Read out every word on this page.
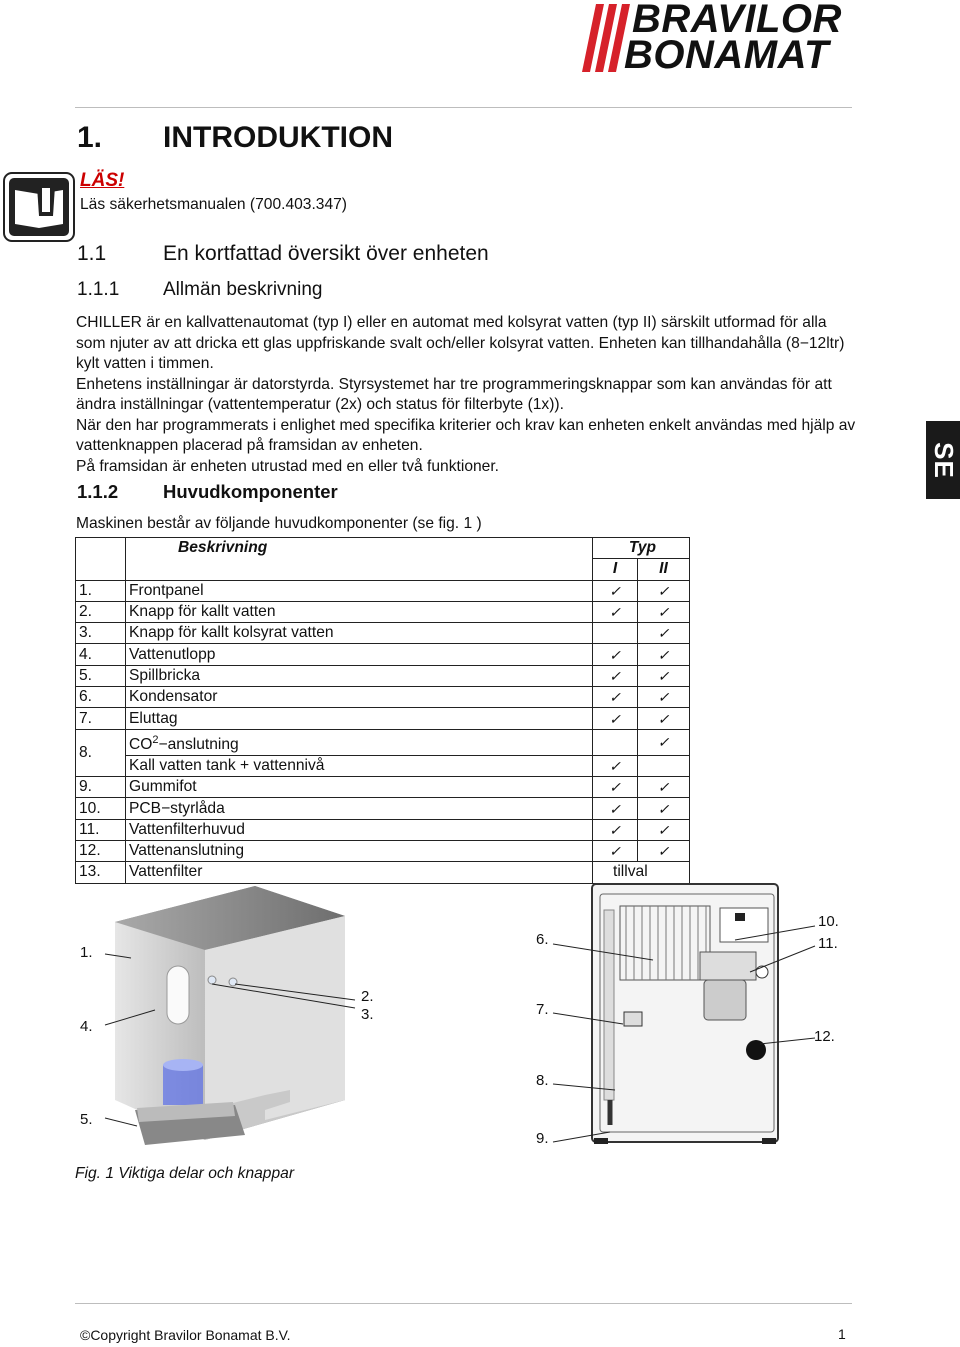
BRAVILOR
BONAMAT
SE
1. INTRODUKTION
LÄS!
Läs säkerhetsmanualen (700.403.347)
1.1	En kortfattad översikt över enheten
1.1.1 Allmän beskrivning
CHILLER är en kallvattenautomat (typ I) eller en automat med kolsyrat vatten (typ II) särskilt utformad för alla som njuter av att dricka ett glas uppfriskande svalt och/eller kolsyrat vatten. Enheten kan tillhandahålla (8−12ltr) kylt vatten i timmen.
Enhetens inställningar är datorstyrda. Styrsystemet har tre programmeringsknappar som kan användas för att ändra inställningar (vattentemperatur (2x) och status för filterbyte (1x)).
När den har programmerats i enlighet med specifika kriterier och krav kan enheten enkelt användas med hjälp av vattenknappen placerad på framsidan av enheten.
På framsidan är enheten utrustad med en eller två funktioner.
1.1.2 Huvudkomponenter
Maskinen består av följande huvudkomponenter (se fig. 1 )
	Beskrivning	Typ	
		I	II
1.	Frontpanel	✓	✓
2.	Knapp för kallt vatten	✓	✓
3.	Knapp för kallt kolsyrat vatten		✓
4.	Vattenutlopp	✓	✓
5.	Spillbricka	✓	✓
6.	Kondensator	✓	✓
7.	Eluttag	✓	✓
8.	$CO^2-anslutning$		✓
	Kall vatten tank + vattennivå	✓	
9.	Gummifot	✓	✓
10.	PCB−styrlåda	✓	✓
11.	Vattenfilterhuvud	✓	✓
12.	Vattenanslutning	✓	✓
13.	Vattenfilter	tillval	
1.
2.
3.
4.
5.
6.
7.
8.
9.
10.
11.
12.
Fig. 1 Viktiga delar och knappar
©Copyright Bravilor Bonamat B.V.	1
